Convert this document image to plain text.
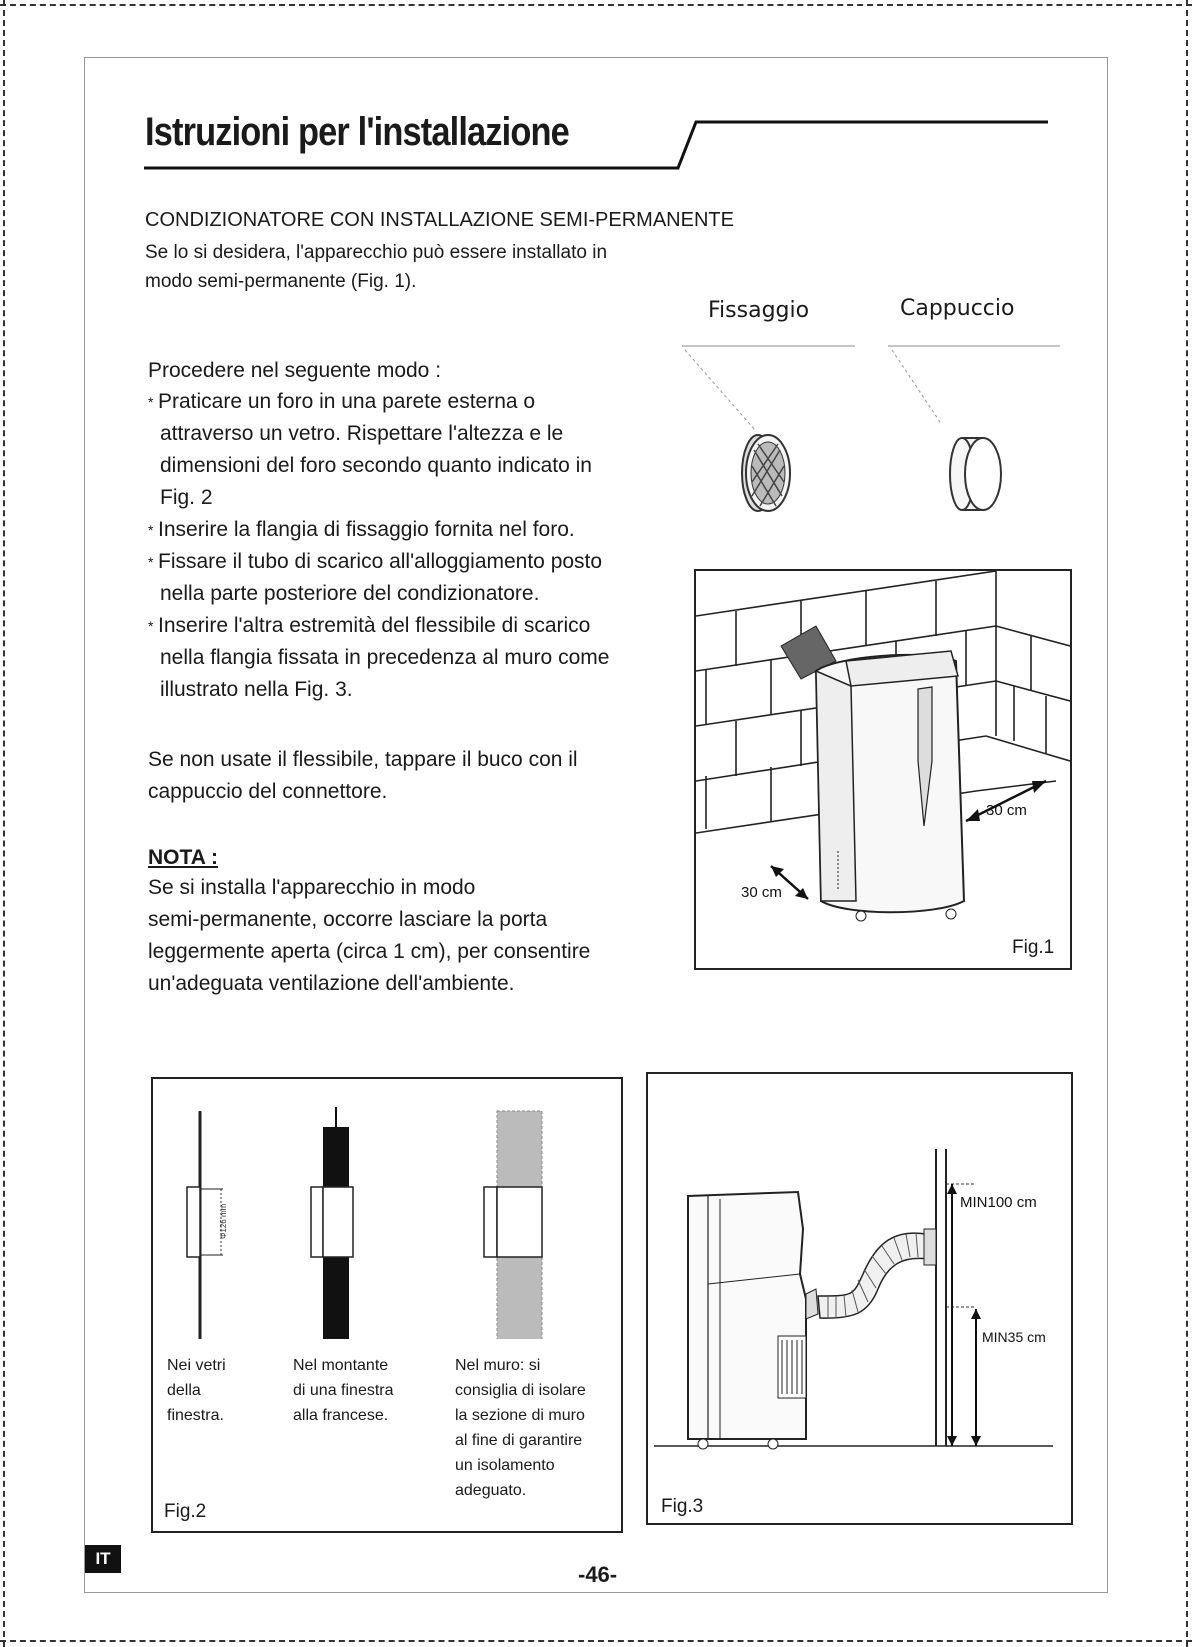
Istruzioni per l'installazione
CONDIZIONATORE CON INSTALLAZIONE SEMI-PERMANENTE
Se lo si desidera, l'apparecchio può essere installato in
modo semi-permanente (Fig. 1).
Fissaggio	Cappuccio
Procedere nel seguente modo :
* Praticare un foro in una parete esterna o
attraverso un vetro. Rispettare l'altezza e le
dimensioni del foro secondo quanto indicato in
Fig. 2
* Inserire la flangia di fissaggio fornita nel foro.
* Fissare il tubo di scarico all'alloggiamento posto
nella parte posteriore del condizionatore.
* Inserire l'altra estremità del flessibile di scarico
nella flangia fissata in precedenza al muro come
illustrato nella Fig. 3.
Se non usate il flessibile, tappare il buco con il
cappuccio del connettore.
NOTA :
Se si installa l'apparecchio in modo
semi-permanente, occorre lasciare la porta
leggermente aperta (circa 1 cm), per consentire
un'adeguata ventilazione dell'ambiente.
30 cm
30 cm
Fig.1
Φ126 mm
Nei vetri
della
finestra.
Nel montante
di una finestra
alla francese.
Nel muro: si
consiglia di isolare
la sezione di muro
al fine di garantire
un isolamento
adeguato.
Fig.2
MIN100 cm
MIN35 cm
Fig.3
IT
-46-
